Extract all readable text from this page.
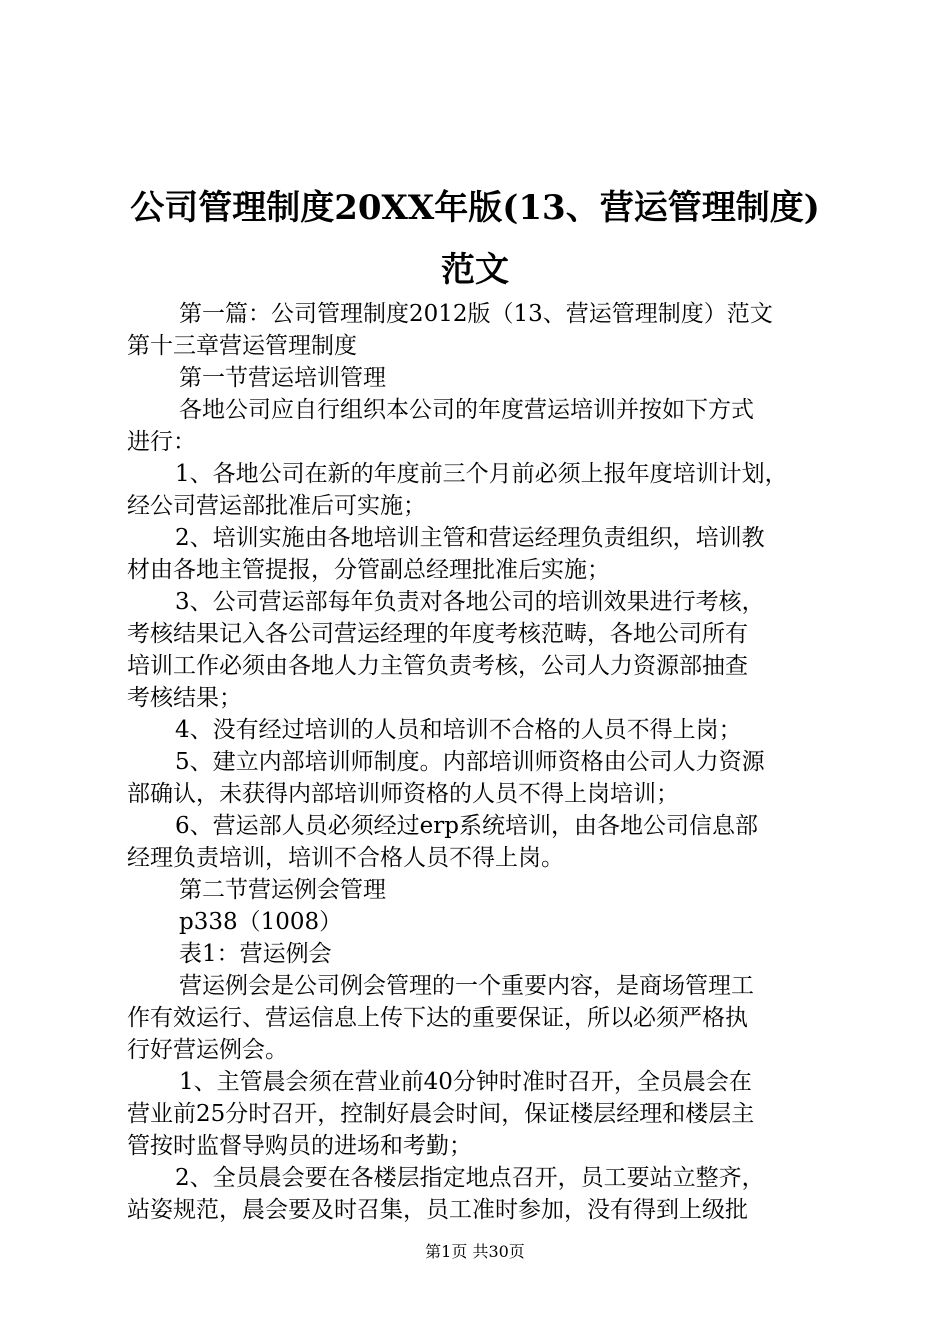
公司管理制度20XX年版(13、营运管理制度)
范文
第一篇：公司管理制度2012版（13、营运管理制度）范文
第十三章营运管理制度
第一节营运培训管理
各地公司应自行组织本公司的年度营运培训并按如下方式
进行：
1、各地公司在新的年度前三个月前必须上报年度培训计划，
经公司营运部批准后可实施；
2、培训实施由各地培训主管和营运经理负责组织，培训教
材由各地主管提报，分管副总经理批准后实施；
3、公司营运部每年负责对各地公司的培训效果进行考核，
考核结果记入各公司营运经理的年度考核范畴，各地公司所有
培训工作必须由各地人力主管负责考核，公司人力资源部抽查
考核结果；
4、没有经过培训的人员和培训不合格的人员不得上岗；
5、建立内部培训师制度。内部培训师资格由公司人力资源
部确认，未获得内部培训师资格的人员不得上岗培训；
6、营运部人员必须经过erp系统培训，由各地公司信息部
经理负责培训，培训不合格人员不得上岗。
第二节营运例会管理
p338（1008）
表1：营运例会
营运例会是公司例会管理的一个重要内容，是商场管理工
作有效运行、营运信息上传下达的重要保证，所以必须严格执
行好营运例会。
1、主管晨会须在营业前40分钟时准时召开，全员晨会在
营业前25分时召开，控制好晨会时间，保证楼层经理和楼层主
管按时监督导购员的进场和考勤；
2、全员晨会要在各楼层指定地点召开，员工要站立整齐，
站姿规范，晨会要及时召集，员工准时参加，没有得到上级批
第1页 共30页
